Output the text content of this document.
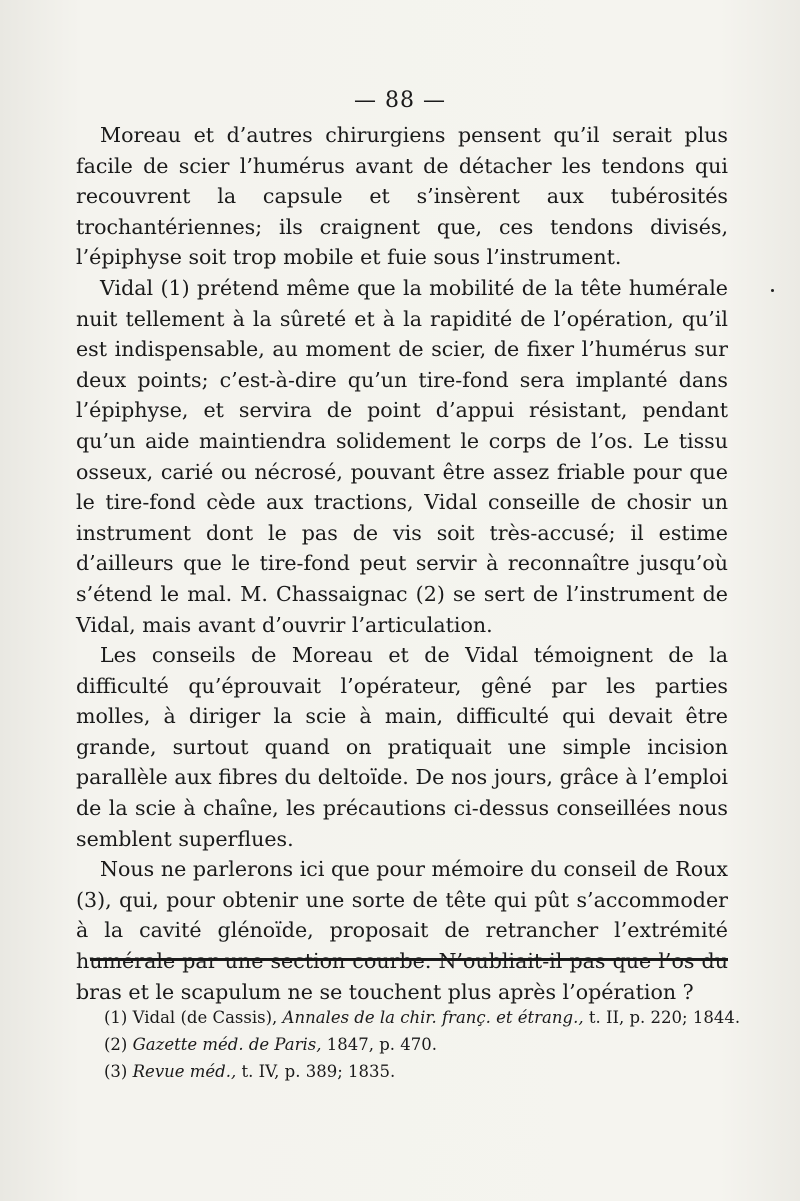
— 88 —

Moreau et d’autres chirurgiens pensent qu’il serait plus facile de scier l’humérus avant de détacher les tendons qui recouvrent la capsule et s’insèrent aux tubérosités trochantériennes; ils craignent que, ces tendons divisés, l’épiphyse soit trop mobile et fuie sous l’instrument.

Vidal (1) prétend même que la mobilité de la tête humérale nuit tellement à la sûreté et à la rapidité de l’opération, qu’il est indispensable, au moment de scier, de fixer l’humérus sur deux points; c’est-à-dire qu’un tire-fond sera implanté dans l’épiphyse, et servira de point d’appui résistant, pendant qu’un aide maintiendra solidement le corps de l’os. Le tissu osseux, carié ou nécrosé, pouvant être assez friable pour que le tire-fond cède aux tractions, Vidal conseille de chosir un instrument dont le pas de vis soit très-accusé; il estime d’ailleurs que le tire-fond peut servir à reconnaître jusqu’où s’étend le mal. M. Chassaignac (2) se sert de l’instrument de Vidal, mais avant d’ouvrir l’articulation.

Les conseils de Moreau et de Vidal témoignent de la difficulté qu’éprouvait l’opérateur, gêné par les parties molles, à diriger la scie à main, difficulté qui devait être grande, surtout quand on pratiquait une simple incision parallèle aux fibres du deltoïde. De nos jours, grâce à l’emploi de la scie à chaîne, les précautions ci-dessus conseillées nous semblent superflues.

Nous ne parlerons ici que pour mémoire du conseil de Roux (3), qui, pour obtenir une sorte de tête qui pût s’accommoder à la cavité glénoïde, proposait de retrancher l’extrémité humérale par une section courbe. N’oubliait-il pas que l’os du bras et le scapulum ne se touchent plus après l’opération ?

(1) Vidal (de Cassis), Annales de la chir. franç. et étrang., t. II, p. 220; 1844.
(2) Gazette méd. de Paris, 1847, p. 470.
(3) Revue méd., t. IV, p. 389; 1835.
